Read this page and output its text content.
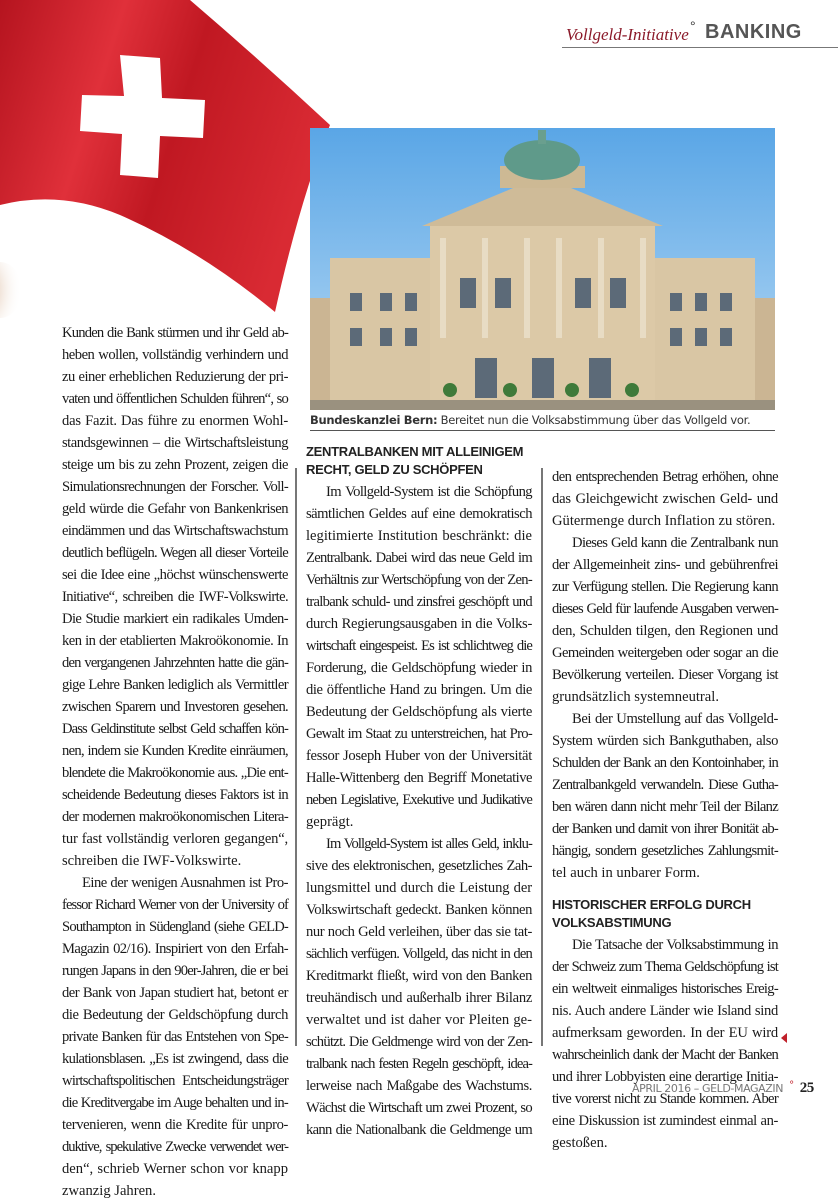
Vollgeld-Initiative ° BANKING
Bundeskanzlei Bern: Bereitet nun die Volksabstimmung über das Vollgeld vor.
Kunden die Bank stürmen und ihr Geld ab-
heben wollen, vollständig verhindern und
zu einer erheblichen Reduzierung der pri-
vaten und öffentlichen Schulden führen“, so
das Fazit. Das führe zu enormen Wohl-
standsgewinnen – die Wirtschaftsleistung
steige um bis zu zehn Prozent, zeigen die
Simulationsrechnungen der Forscher. Voll-
geld würde die Gefahr von Bankenkrisen
eindämmen und das Wirtschaftswachstum
deutlich beflügeln. Wegen all dieser Vorteile
sei die Idee eine „höchst wünschenswerte
Initiative“, schreiben die IWF-Volkswirte.
Die Studie markiert ein radikales Umden-
ken in der etablierten Makroökonomie. In
den vergangenen Jahrzehnten hatte die gän-
gige Lehre Banken lediglich als Vermittler
zwischen Sparern und Investoren gesehen.
Dass Geldinstitute selbst Geld schaffen kön-
nen, indem sie Kunden Kredite einräumen,
blendete die Makroökonomie aus. „Die ent-
scheidende Bedeutung dieses Faktors ist in
der modernen makroökonomischen Litera-
tur fast vollständig verloren gegangen“,
schreiben die IWF-Volkswirte.
Eine der wenigen Ausnahmen ist Pro-
fessor Richard Werner von der University of
Southampton in Südengland (siehe GELD-
Magazin 02/16). Inspiriert von den Erfah-
rungen Japans in den 90er-Jahren, die er bei
der Bank von Japan studiert hat, betont er
die Bedeutung der Geldschöpfung durch
private Banken für das Entstehen von Spe-
kulationsblasen. „Es ist zwingend, dass die
wirtschaftspolitischen Entscheidungsträger
die Kreditvergabe im Auge behalten und in-
tervenieren, wenn die Kredite für unpro-
duktive, spekulative Zwecke verwendet wer-
den“, schrieb Werner schon vor knapp
zwanzig Jahren.
ZENTRALBANKEN MIT ALLEINIGEM
RECHT, GELD ZU SCHÖPFEN
Im Vollgeld-System ist die Schöpfung
sämtlichen Geldes auf eine demokratisch
legitimierte Institution beschränkt: die
Zentralbank. Dabei wird das neue Geld im
Verhältnis zur Wertschöpfung von der Zen-
tralbank schuld- und zinsfrei geschöpft und
durch Regierungsausgaben in die Volks-
wirtschaft eingespeist. Es ist schlichtweg die
Forderung, die Geldschöpfung wieder in
die öffentliche Hand zu bringen. Um die
Bedeutung der Geldschöpfung als vierte
Gewalt im Staat zu unterstreichen, hat Pro-
fessor Joseph Huber von der Universität
Halle-Wittenberg den Begriff Monetative
neben Legislative, Exekutive und Judikative
geprägt.
Im Vollgeld-System ist alles Geld, inklu-
sive des elektronischen, gesetzliches Zah-
lungsmittel und durch die Leistung der
Volkswirtschaft gedeckt. Banken können
nur noch Geld verleihen, über das sie tat-
sächlich verfügen. Vollgeld, das nicht in den
Kreditmarkt fließt, wird von den Banken
treuhändisch und außerhalb ihrer Bilanz
verwaltet und ist daher vor Pleiten ge-
schützt. Die Geldmenge wird von der Zen-
tralbank nach festen Regeln geschöpft, idea-
lerweise nach Maßgabe des Wachstums.
Wächst die Wirtschaft um zwei Prozent, so
kann die Nationalbank die Geldmenge um
den entsprechenden Betrag erhöhen, ohne
das Gleichgewicht zwischen Geld- und
Gütermenge durch Inflation zu stören.
Dieses Geld kann die Zentralbank nun
der Allgemeinheit zins- und gebührenfrei
zur Verfügung stellen. Die Regierung kann
dieses Geld für laufende Ausgaben verwen-
den, Schulden tilgen, den Regionen und
Gemeinden weitergeben oder sogar an die
Bevölkerung verteilen. Dieser Vorgang ist
grundsätzlich systemneutral.
Bei der Umstellung auf das Vollgeld-
System würden sich Bankguthaben, also
Schulden der Bank an den Kontoinhaber, in
Zentralbankgeld verwandeln. Diese Gutha-
ben wären dann nicht mehr Teil der Bilanz
der Banken und damit von ihrer Bonität ab-
hängig, sondern gesetzliches Zahlungsmit-
tel auch in unbarer Form.
HISTORISCHER ERFOLG DURCH
VOLKSABSTIMUNG
Die Tatsache der Volksabstimmung in
der Schweiz zum Thema Geldschöpfung ist
ein weltweit einmaliges historisches Ereig-
nis. Auch andere Länder wie Island sind
aufmerksam geworden. In der EU wird
wahrscheinlich dank der Macht der Banken
und ihrer Lobbyisten eine derartige Initia-
tive vorerst nicht zu Stande kommen. Aber
eine Diskussion ist zumindest einmal an-
gestoßen.
APRIL 2016 – GELD-MAGAZIN ° 25
